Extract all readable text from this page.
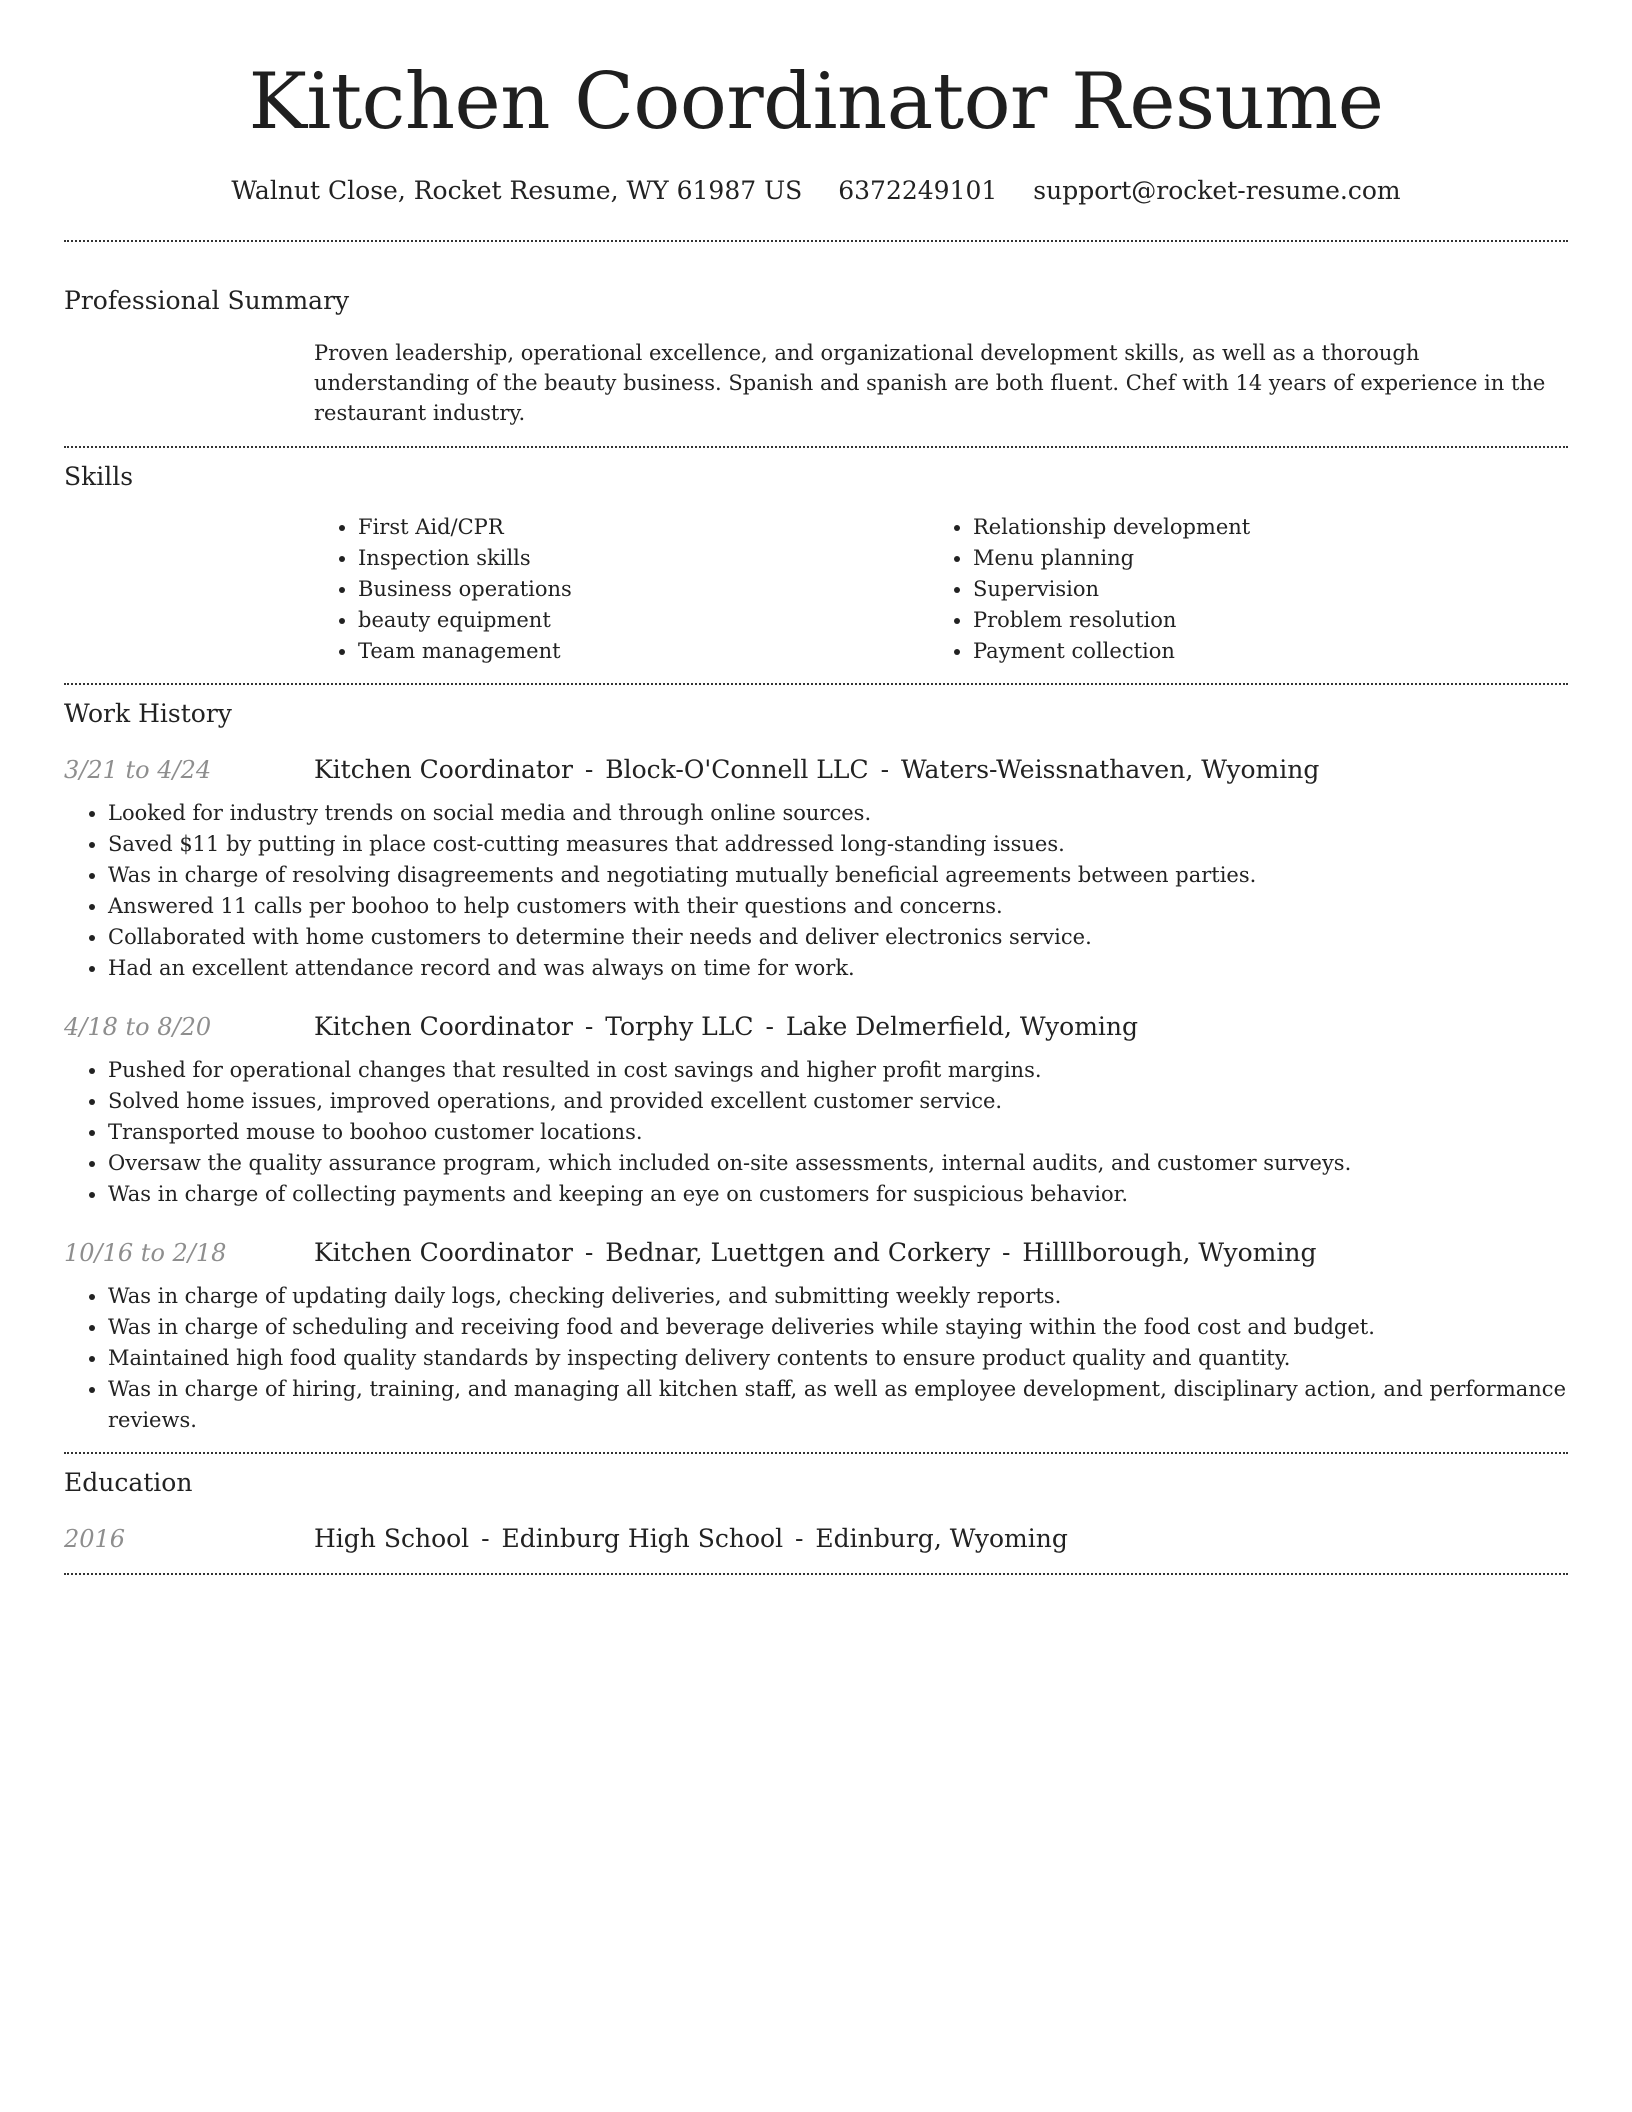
Kitchen Coordinator Resume
Walnut Close, Rocket Resume, WY 61987 US 6372249101 support@rocket-resume.com
Professional Summary
Proven leadership, operational excellence, and organizational development skills, as well as a thorough understanding of the beauty business. Spanish and spanish are both fluent. Chef with 14 years of experience in the restaurant industry.
Skills
• First Aid/CPR
• Inspection skills
• Business operations
• beauty equipment
• Team management
• Relationship development
• Menu planning
• Supervision
• Problem resolution
• Payment collection
Work History
3/21 to 4/24	Kitchen Coordinator - Block-O'Connell LLC - Waters-Weissnathaven, Wyoming
• Looked for industry trends on social media and through online sources.
• Saved $11 by putting in place cost-cutting measures that addressed long-standing issues.
• Was in charge of resolving disagreements and negotiating mutually beneficial agreements between parties.
• Answered 11 calls per boohoo to help customers with their questions and concerns.
• Collaborated with home customers to determine their needs and deliver electronics service.
• Had an excellent attendance record and was always on time for work.
4/18 to 8/20	Kitchen Coordinator - Torphy LLC - Lake Delmerfield, Wyoming
• Pushed for operational changes that resulted in cost savings and higher profit margins.
• Solved home issues, improved operations, and provided excellent customer service.
• Transported mouse to boohoo customer locations.
• Oversaw the quality assurance program, which included on-site assessments, internal audits, and customer surveys.
• Was in charge of collecting payments and keeping an eye on customers for suspicious behavior.
10/16 to 2/18	Kitchen Coordinator - Bednar, Luettgen and Corkery - Hilllborough, Wyoming
• Was in charge of updating daily logs, checking deliveries, and submitting weekly reports.
• Was in charge of scheduling and receiving food and beverage deliveries while staying within the food cost and budget.
• Maintained high food quality standards by inspecting delivery contents to ensure product quality and quantity.
• Was in charge of hiring, training, and managing all kitchen staff, as well as employee development, disciplinary action, and performance reviews.
Education
2016	High School - Edinburg High School - Edinburg, Wyoming
